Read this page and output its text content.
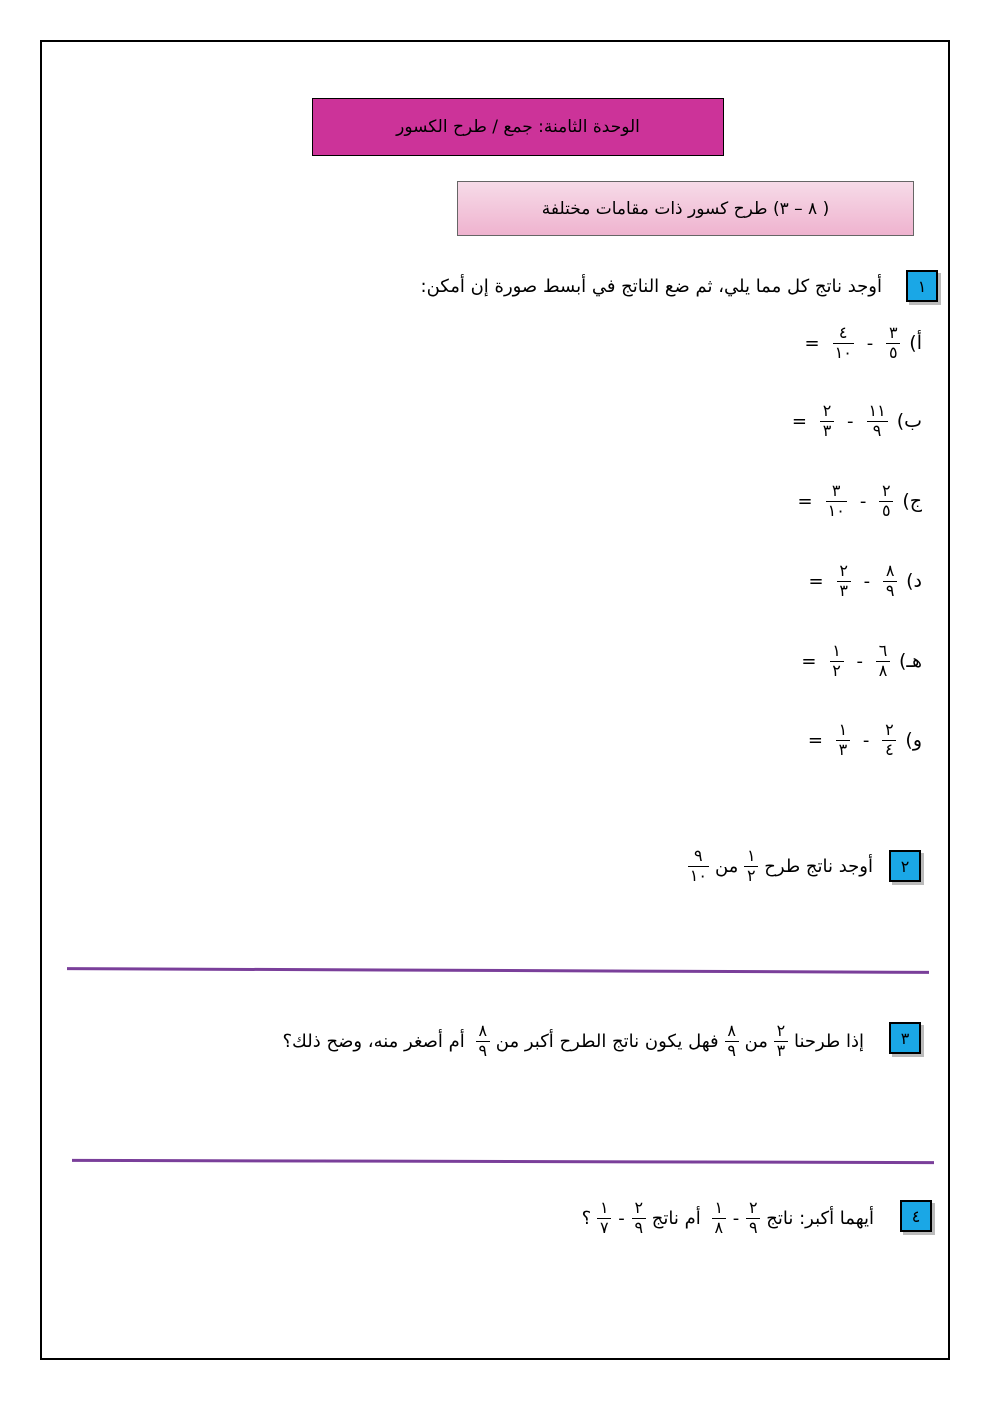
الوحدة الثامنة: جمع / طرح الكسور
( ٨ – ٣) طرح كسور ذات مقامات مختلفة
١
أوجد ناتج كل مما يلي، ثم ضع الناتج في أبسط صورة إن أمكن:
أ)
$\frac{٣}{٥}$
-
$\frac{٤}{١٠}$
=
ب)
$\frac{١١}{٩}$
-
$\frac{٢}{٣}$
=
ج)
$\frac{٢}{٥}$
-
$\frac{٣}{١٠}$
=
د)
$\frac{٨}{٩}$
-
$\frac{٢}{٣}$
=
هـ)
$\frac{٦}{٨}$
-
$\frac{١}{٢}$
=
و)
$\frac{٢}{٤}$
-
$\frac{١}{٣}$
=
٢
أوجد ناتج طرح
$\frac{١}{٢}$
من
$\frac{٩}{١٠}$
٣
إذا طرحنا
$\frac{٢}{٣}$
من
$\frac{٨}{٩}$
فهل يكون ناتج الطرح أكبر من
$\frac{٨}{٩}$
أم أصغر منه، وضح ذلك؟
٤
أيهما أكبر: ناتج
$\frac{٢}{٩}$
-
$\frac{١}{٨}$
أم ناتج
$\frac{٢}{٩}$
-
$\frac{١}{٧}$
؟
